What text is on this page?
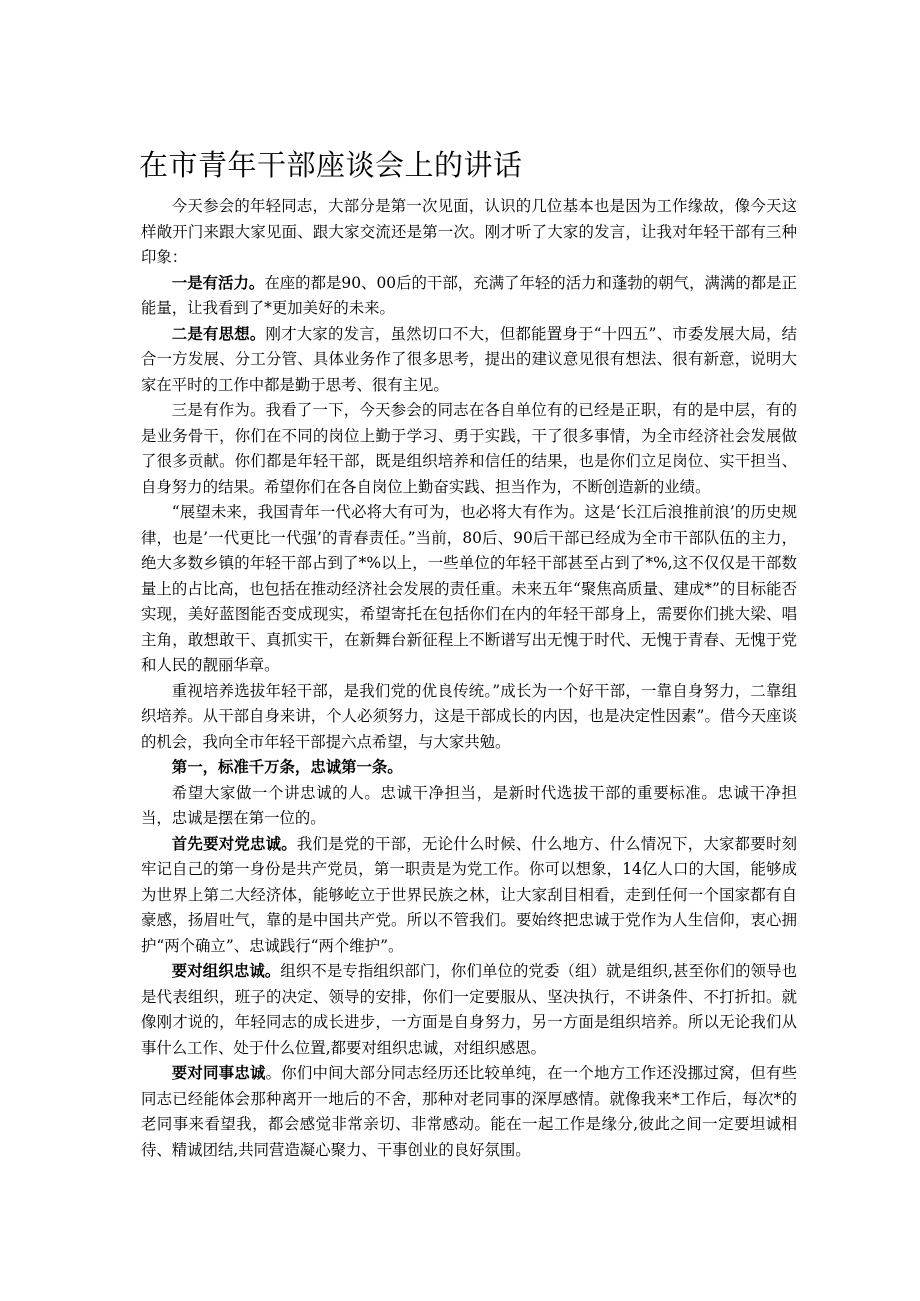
在市青年干部座谈会上的讲话

今天参会的年轻同志，大部分是第一次见面，认识的几位基本也是因为工作缘故，像今天这样敞开门来跟大家见面、跟大家交流还是第一次。刚才听了大家的发言，让我对年轻干部有三种印象：

一是有活力。在座的都是90、00后的干部，充满了年轻的活力和蓬勃的朝气，满满的都是正能量，让我看到了*更加美好的未来。

二是有思想。刚才大家的发言，虽然切口不大，但都能置身于“十四五”、市委发展大局，结合一方发展、分工分管、具体业务作了很多思考，提出的建议意见很有想法、很有新意，说明大家在平时的工作中都是勤于思考、很有主见。

三是有作为。我看了一下，今天参会的同志在各自单位有的已经是正职，有的是中层，有的是业务骨干，你们在不同的岗位上勤于学习、勇于实践，干了很多事情，为全市经济社会发展做了很多贡献。你们都是年轻干部，既是组织培养和信任的结果，也是你们立足岗位、实干担当、自身努力的结果。希望你们在各自岗位上勤奋实践、担当作为，不断创造新的业绩。

“展望未来，我国青年一代必将大有可为，也必将大有作为。这是‘长江后浪推前浪’的历史规律，也是’一代更比一代强’的青春责任。”当前，80后、90后干部已经成为全市干部队伍的主力，绝大多数乡镇的年轻干部占到了*%以上，一些单位的年轻干部甚至占到了*%,这不仅仅是干部数量上的占比高，也包括在推动经济社会发展的责任重。未来五年“聚焦高质量、建成*”的目标能否实现，美好蓝图能否变成现实，希望寄托在包括你们在内的年轻干部身上，需要你们挑大梁、唱主角，敢想敢干、真抓实干，在新舞台新征程上不断谱写出无愧于时代、无愧于青春、无愧于党和人民的靓丽华章。

重视培养选拔年轻干部，是我们党的优良传统。”成长为一个好干部，一靠自身努力，二靠组织培养。从干部自身来讲，个人必须努力，这是干部成长的内因，也是决定性因素”。借今天座谈的机会，我向全市年轻干部提六点希望，与大家共勉。

第一，标准千万条，忠诚第一条。

希望大家做一个讲忠诚的人。忠诚干净担当，是新时代选拔干部的重要标准。忠诚干净担当，忠诚是摆在第一位的。

首先要对党忠诚。我们是党的干部，无论什么时候、什么地方、什么情况下，大家都要时刻牢记自己的第一身份是共产党员，第一职责是为党工作。你可以想象，14亿人口的大国，能够成为世界上第二大经济体，能够屹立于世界民族之林，让大家刮目相看，走到任何一个国家都有自豪感，扬眉吐气，靠的是中国共产党。所以不管我们。要始终把忠诚于党作为人生信仰，衷心拥护“两个确立”、忠诚践行“两个维护”。

要对组织忠诚。组织不是专指组织部门，你们单位的党委（组）就是组织,甚至你们的领导也是代表组织，班子的决定、领导的安排，你们一定要服从、坚决执行，不讲条件、不打折扣。就像刚才说的，年轻同志的成长进步，一方面是自身努力，另一方面是组织培养。所以无论我们从事什么工作、处于什么位置,都要对组织忠诚，对组织感恩。

要对同事忠诚。你们中间大部分同志经历还比较单纯，在一个地方工作还没挪过窝，但有些同志已经能体会那种离开一地后的不舍，那种对老同事的深厚感情。就像我来*工作后，每次*的老同事来看望我，都会感觉非常亲切、非常感动。能在一起工作是缘分,彼此之间一定要坦诚相待、精诚团结,共同营造凝心聚力、干事创业的良好氛围。
